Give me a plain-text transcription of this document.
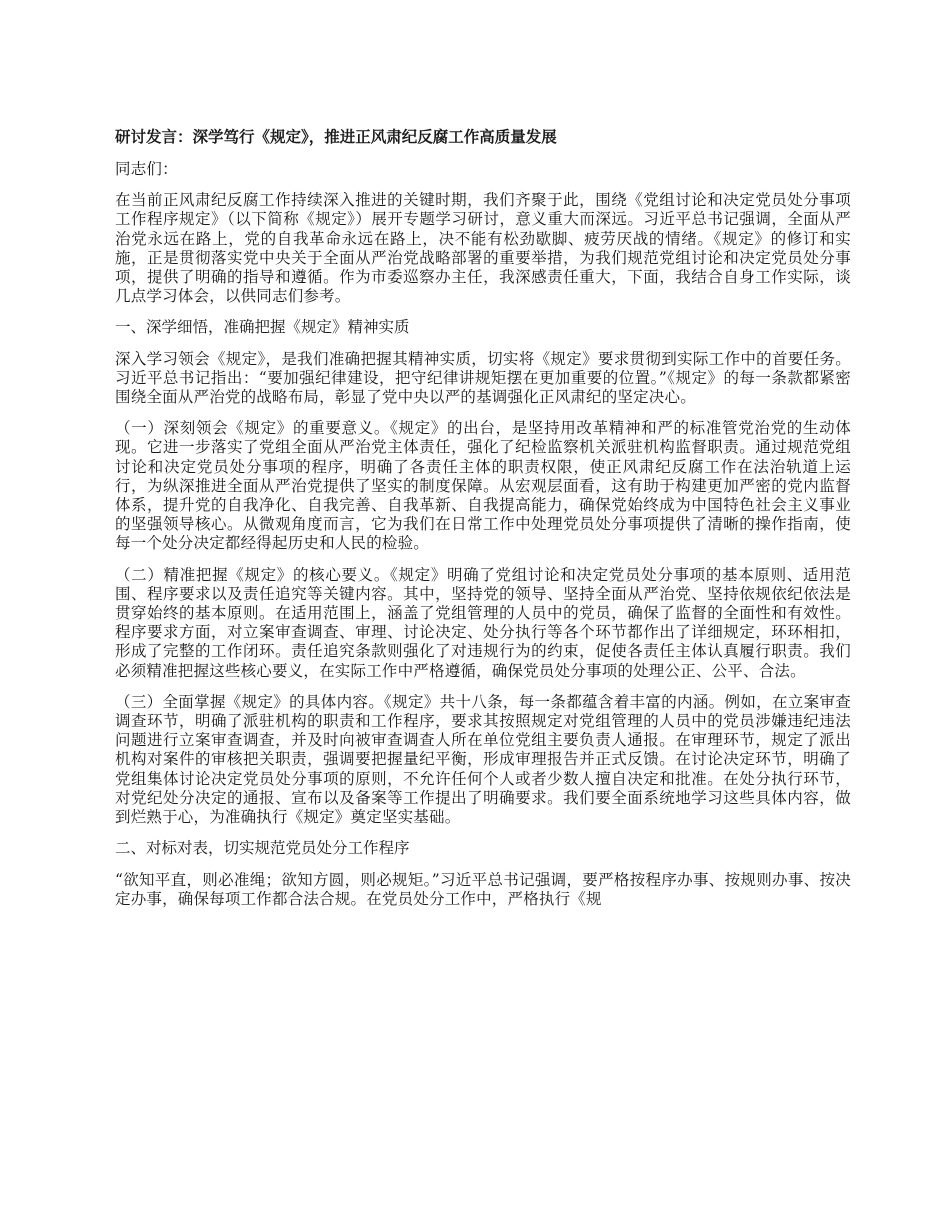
研讨发言：深学笃行《规定》，推进正风肃纪反腐工作高质量发展

同志们：

在当前正风肃纪反腐工作持续深入推进的关键时期，我们齐聚于此，围绕《党组讨论和决定党员处分事项工作程序规定》（以下简称《规定》）展开专题学习研讨，意义重大而深远。习近平总书记强调，全面从严治党永远在路上，党的自我革命永远在路上，决不能有松劲歇脚、疲劳厌战的情绪。《规定》的修订和实施，正是贯彻落实党中央关于全面从严治党战略部署的重要举措，为我们规范党组讨论和决定党员处分事项，提供了明确的指导和遵循。作为市委巡察办主任，我深感责任重大，下面，我结合自身工作实际，谈几点学习体会，以供同志们参考。

一、深学细悟，准确把握《规定》精神实质

深入学习领会《规定》，是我们准确把握其精神实质，切实将《规定》要求贯彻到实际工作中的首要任务。习近平总书记指出：“要加强纪律建设，把守纪律讲规矩摆在更加重要的位置。”《规定》的每一条款都紧密围绕全面从严治党的战略布局，彰显了党中央以严的基调强化正风肃纪的坚定决心。

（一）深刻领会《规定》的重要意义。《规定》的出台，是坚持用改革精神和严的标准管党治党的生动体现。它进一步落实了党组全面从严治党主体责任，强化了纪检监察机关派驻机构监督职责。通过规范党组讨论和决定党员处分事项的程序，明确了各责任主体的职责权限，使正风肃纪反腐工作在法治轨道上运行，为纵深推进全面从严治党提供了坚实的制度保障。从宏观层面看，这有助于构建更加严密的党内监督体系，提升党的自我净化、自我完善、自我革新、自我提高能力，确保党始终成为中国特色社会主义事业的坚强领导核心。从微观角度而言，它为我们在日常工作中处理党员处分事项提供了清晰的操作指南，使每一个处分决定都经得起历史和人民的检验。

（二）精准把握《规定》的核心要义。《规定》明确了党组讨论和决定党员处分事项的基本原则、适用范围、程序要求以及责任追究等关键内容。其中，坚持党的领导、坚持全面从严治党、坚持依规依纪依法是贯穿始终的基本原则。在适用范围上，涵盖了党组管理的人员中的党员，确保了监督的全面性和有效性。程序要求方面，对立案审查调查、审理、讨论决定、处分执行等各个环节都作出了详细规定，环环相扣，形成了完整的工作闭环。责任追究条款则强化了对违规行为的约束，促使各责任主体认真履行职责。我们必须精准把握这些核心要义，在实际工作中严格遵循，确保党员处分事项的处理公正、公平、合法。

（三）全面掌握《规定》的具体内容。《规定》共十八条，每一条都蕴含着丰富的内涵。例如，在立案审查调查环节，明确了派驻机构的职责和工作程序，要求其按照规定对党组管理的人员中的党员涉嫌违纪违法问题进行立案审查调查，并及时向被审查调查人所在单位党组主要负责人通报。在审理环节，规定了派出机构对案件的审核把关职责，强调要把握量纪平衡，形成审理报告并正式反馈。在讨论决定环节，明确了党组集体讨论决定党员处分事项的原则，不允许任何个人或者少数人擅自决定和批准。在处分执行环节，对党纪处分决定的通报、宣布以及备案等工作提出了明确要求。我们要全面系统地学习这些具体内容，做到烂熟于心，为准确执行《规定》奠定坚实基础。

二、对标对表，切实规范党员处分工作程序

“欲知平直，则必准绳；欲知方圆，则必规矩。”习近平总书记强调，要严格按程序办事、按规则办事、按决定办事，确保每项工作都合法合规。在党员处分工作中，严格执行《规
